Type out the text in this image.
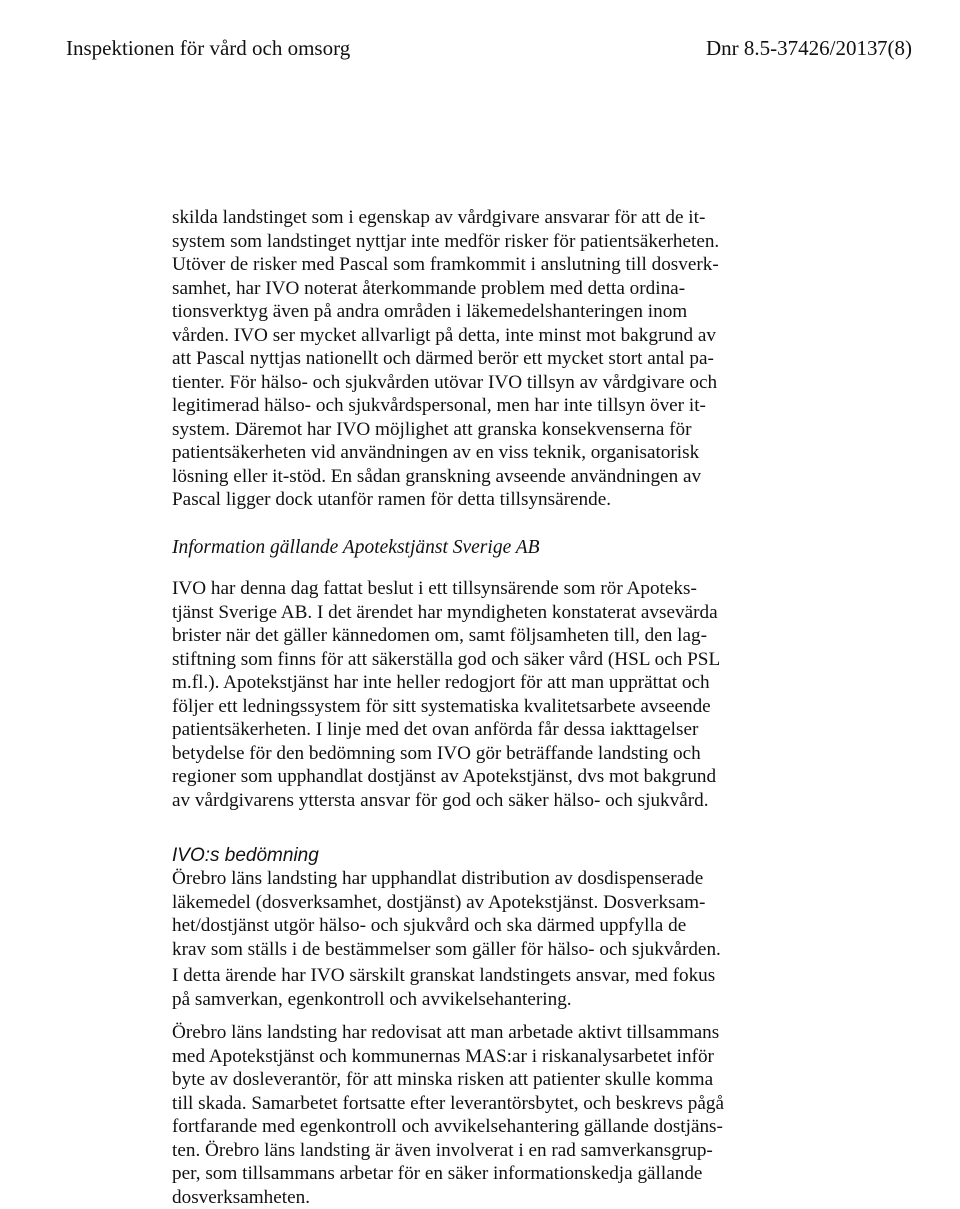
Inspektionen för vård och omsorg	Dnr 8.5-37426/2013 7(8)
skilda landstinget som i egenskap av vårdgivare ansvarar för att de it-
system som landstinget nyttjar inte medför risker för patientsäkerheten.
Utöver de risker med Pascal som framkommit i anslutning till dosverk-
samhet, har IVO noterat återkommande problem med detta ordina-
tionsverktyg även på andra områden i läkemedelshanteringen inom
vården. IVO ser mycket allvarligt på detta, inte minst mot bakgrund av
att Pascal nyttjas nationellt och därmed berör ett mycket stort antal pa-
tienter. För hälso- och sjukvården utövar IVO tillsyn av vårdgivare och
legitimerad hälso- och sjukvårdspersonal, men har inte tillsyn över it-
system. Däremot har IVO möjlighet att granska konsekvenserna för
patientsäkerheten vid användningen av en viss teknik, organisatorisk
lösning eller it-stöd. En sådan granskning avseende användningen av
Pascal ligger dock utanför ramen för detta tillsynsärende.
Information gällande Apotekstjänst Sverige AB
IVO har denna dag fattat beslut i ett tillsynsärende som rör Apoteks-
tjänst Sverige AB. I det ärendet har myndigheten konstaterat avsevärda
brister när det gäller kännedomen om, samt följsamheten till, den lag-
stiftning som finns för att säkerställa god och säker vård (HSL och PSL
m.fl.). Apotekstjänst har inte heller redogjort för att man upprättat och
följer ett ledningssystem för sitt systematiska kvalitetsarbete avseende
patientsäkerheten. I linje med det ovan anförda får dessa iakttagelser
betydelse för den bedömning som IVO gör beträffande landsting och
regioner som upphandlat dostjänst av Apotekstjänst, dvs mot bakgrund
av vårdgivarens yttersta ansvar för god och säker hälso- och sjukvård.
IVO:s bedömning
Örebro läns landsting har upphandlat distribution av dosdispenserade
läkemedel (dosverksamhet, dostjänst) av Apotekstjänst. Dosverksam-
het/dostjänst utgör hälso- och sjukvård och ska därmed uppfylla de
krav som ställs i de bestämmelser som gäller för hälso- och sjukvården.
I detta ärende har IVO särskilt granskat landstingets ansvar, med fokus
på samverkan, egenkontroll och avvikelsehantering.
Örebro läns landsting har redovisat att man arbetade aktivt tillsammans
med Apotekstjänst och kommunernas MAS:ar i riskanalysarbetet inför
byte av dosleverantör, för att minska risken att patienter skulle komma
till skada. Samarbetet fortsatte efter leverantörsbytet, och beskrevs pågå
fortfarande med egenkontroll och avvikelsehantering gällande dostjäns-
ten. Örebro läns landsting är även involverat i en rad samverkansgrup-
per, som tillsammans arbetar för en säker informationskedja gällande
dosverksamheten.
